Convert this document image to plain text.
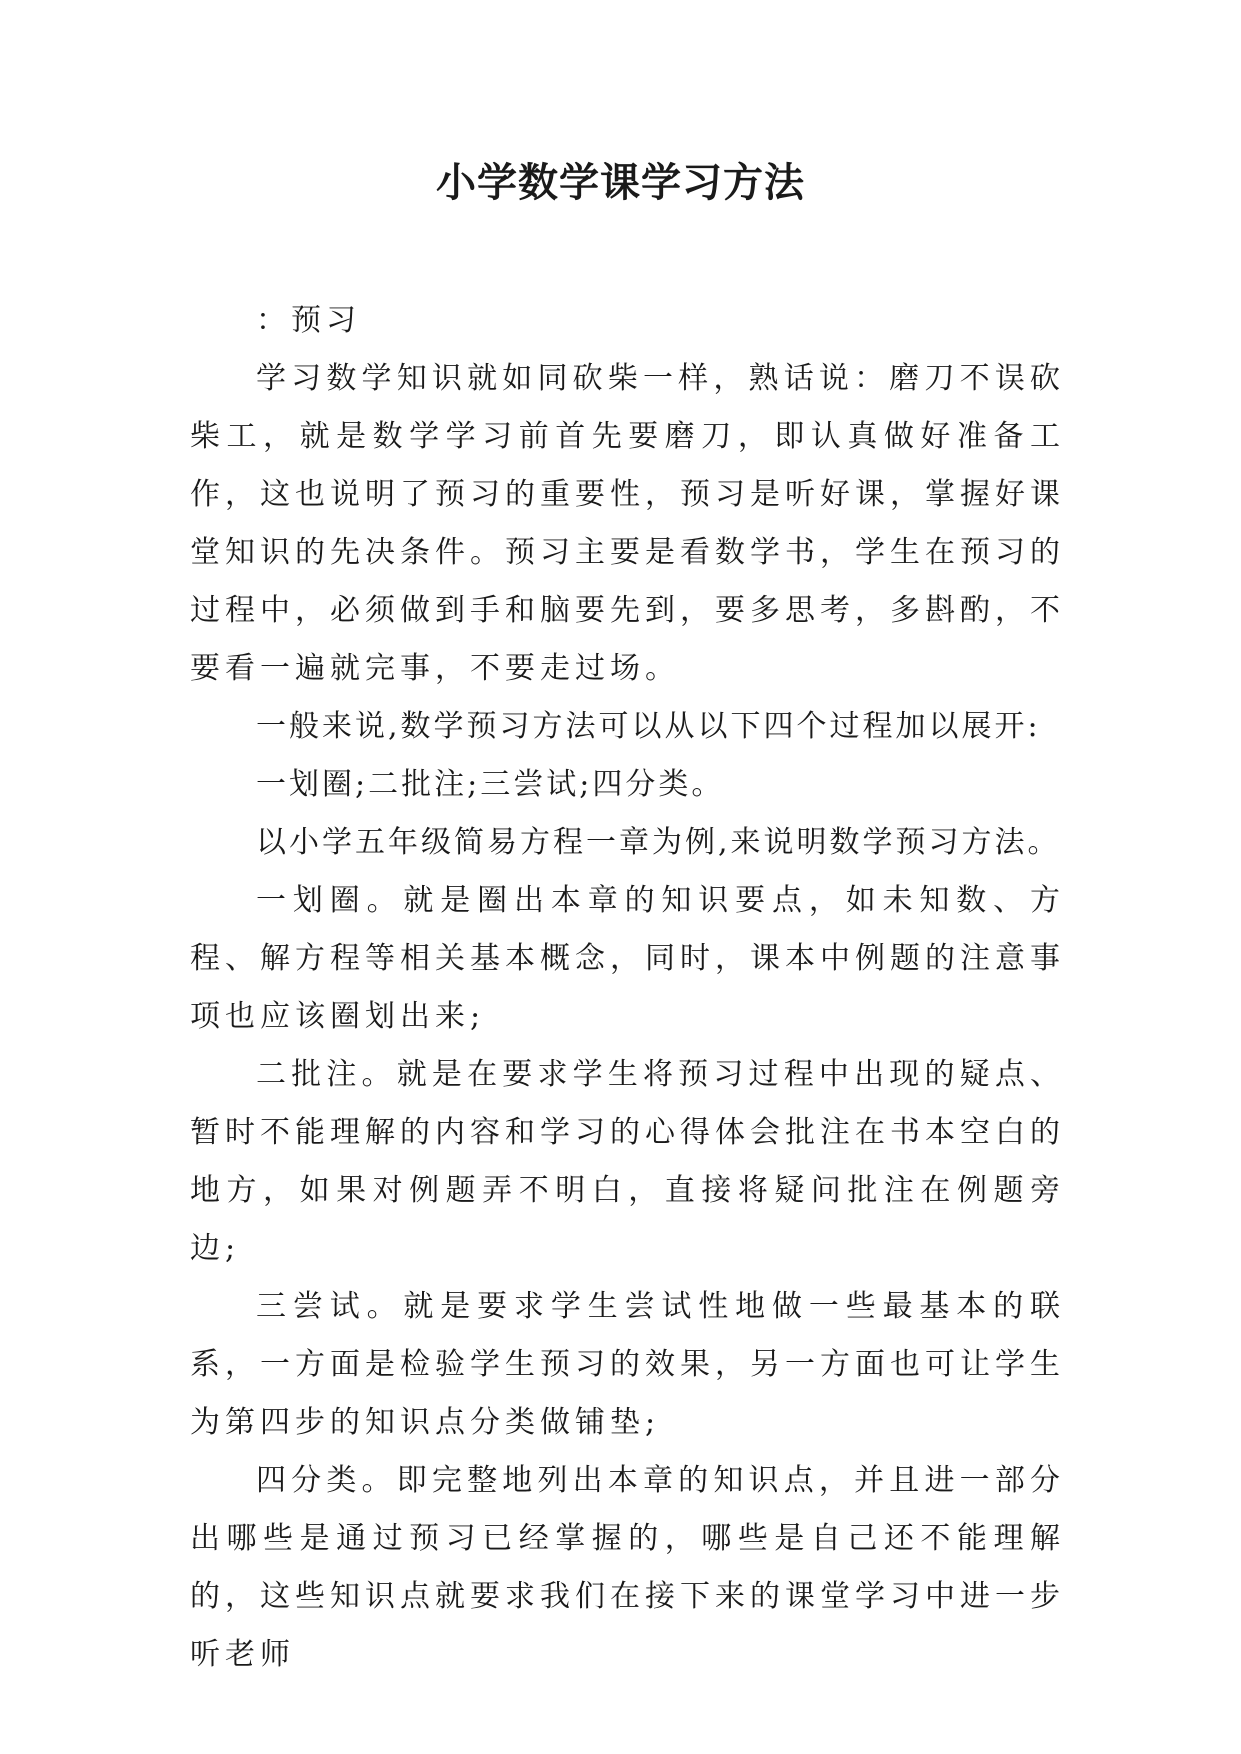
小学数学课学习方法

：预习

学习数学知识就如同砍柴一样，熟话说：磨刀不误砍柴工，就是数学学习前首先要磨刀，即认真做好准备工作，这也说明了预习的重要性，预习是听好课，掌握好课堂知识的先决条件。预习主要是看数学书，学生在预习的过程中，必须做到手和脑要先到，要多思考，多斟酌，不要看一遍就完事，不要走过场。

一般来说,数学预习方法可以从以下四个过程加以展开:

一划圈;二批注;三尝试;四分类。

以小学五年级简易方程一章为例,来说明数学预习方法。

一划圈。就是圈出本章的知识要点，如未知数、方程、解方程等相关基本概念，同时，课本中例题的注意事项也应该圈划出来;

二批注。就是在要求学生将预习过程中出现的疑点、暂时不能理解的内容和学习的心得体会批注在书本空白的地方，如果对例题弄不明白，直接将疑问批注在例题旁边;

三尝试。就是要求学生尝试性地做一些最基本的联系，一方面是检验学生预习的效果，另一方面也可让学生为第四步的知识点分类做铺垫;

四分类。即完整地列出本章的知识点，并且进一部分出哪些是通过预习已经掌握的，哪些是自己还不能理解的，这些知识点就要求我们在接下来的课堂学习中进一步听老师
